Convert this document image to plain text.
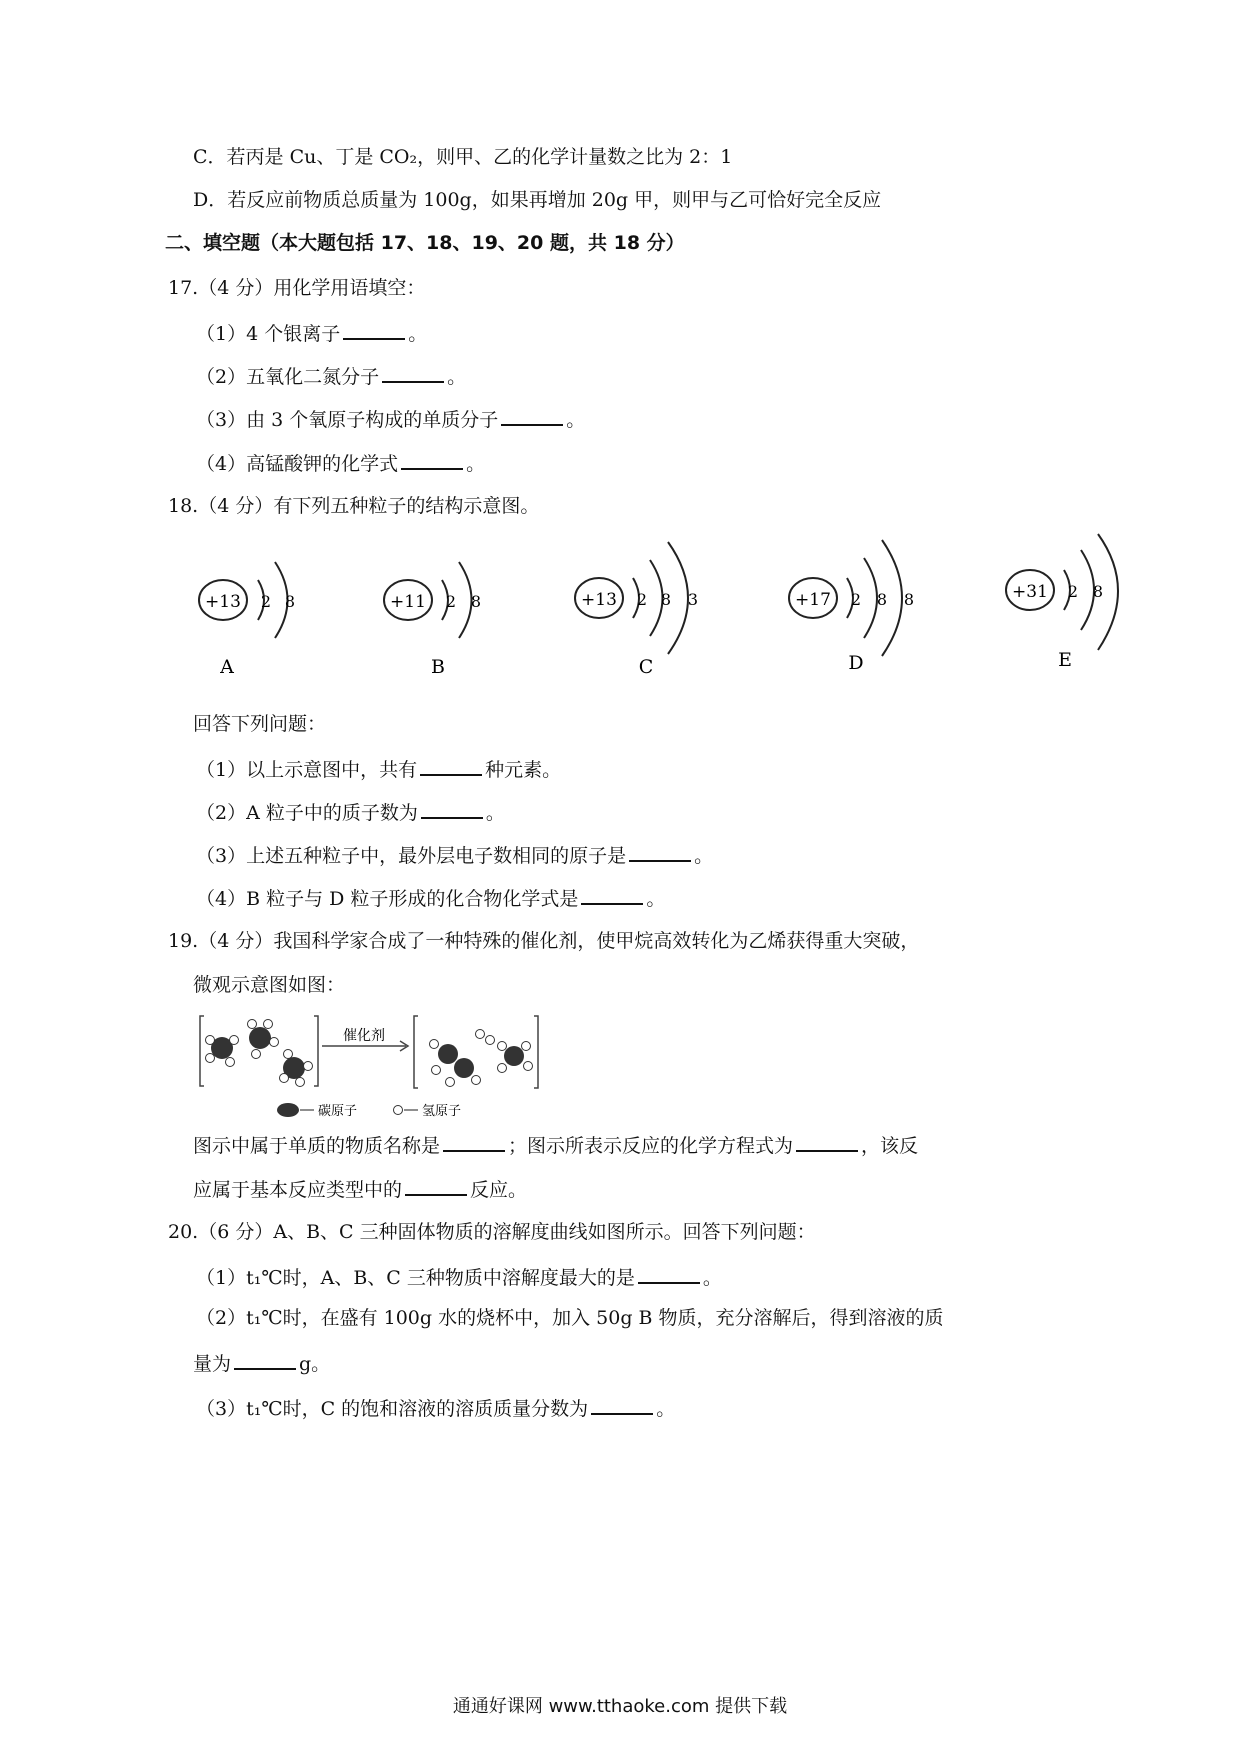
C．若丙是 Cu、丁是 CO₂，则甲、乙的化学计量数之比为 2：1
D．若反应前物质总质量为 100g，如果再增加 20g 甲，则甲与乙可恰好完全反应
二、填空题（本大题包括 17、18、19、20 题，共 18 分）
17.（4 分）用化学用语填空：
（1）4 个银离子	。
（2）五氧化二氮分子	。
（3）由 3 个氧原子构成的单质分子	。
（4）高锰酸钾的化学式	。
18.（4 分）有下列五种粒子的结构示意图。
+13 2 8
A
+11 2 8
B
+13 2 8 3
C
+17 2 8 8
D
+31 2 8
E
回答下列问题：
（1）以上示意图中，共有	种元素。
（2）A 粒子中的质子数为	。
（3）上述五种粒子中，最外层电子数相同的原子是	。
（4）B 粒子与 D 粒子形成的化合物化学式是	。
19.（4 分）我国科学家合成了一种特殊的催化剂，使甲烷高效转化为乙烯获得重大突破，
微观示意图如图：
催化剂
碳原子	氢原子
图示中属于单质的物质名称是	；图示所表示反应的化学方程式为	，该反
应属于基本反应类型中的	反应。
20.（6 分）A、B、C 三种固体物质的溶解度曲线如图所示。回答下列问题：
（1）t₁℃时，A、B、C 三种物质中溶解度最大的是	。
（2）t₁℃时，在盛有 100g 水的烧杯中，加入 50g B 物质，充分溶解后，得到溶液的质
量为	g。
（3）t₁℃时，C 的饱和溶液的溶质质量分数为	。
通通好课网 www.tthaoke.com 提供下载
